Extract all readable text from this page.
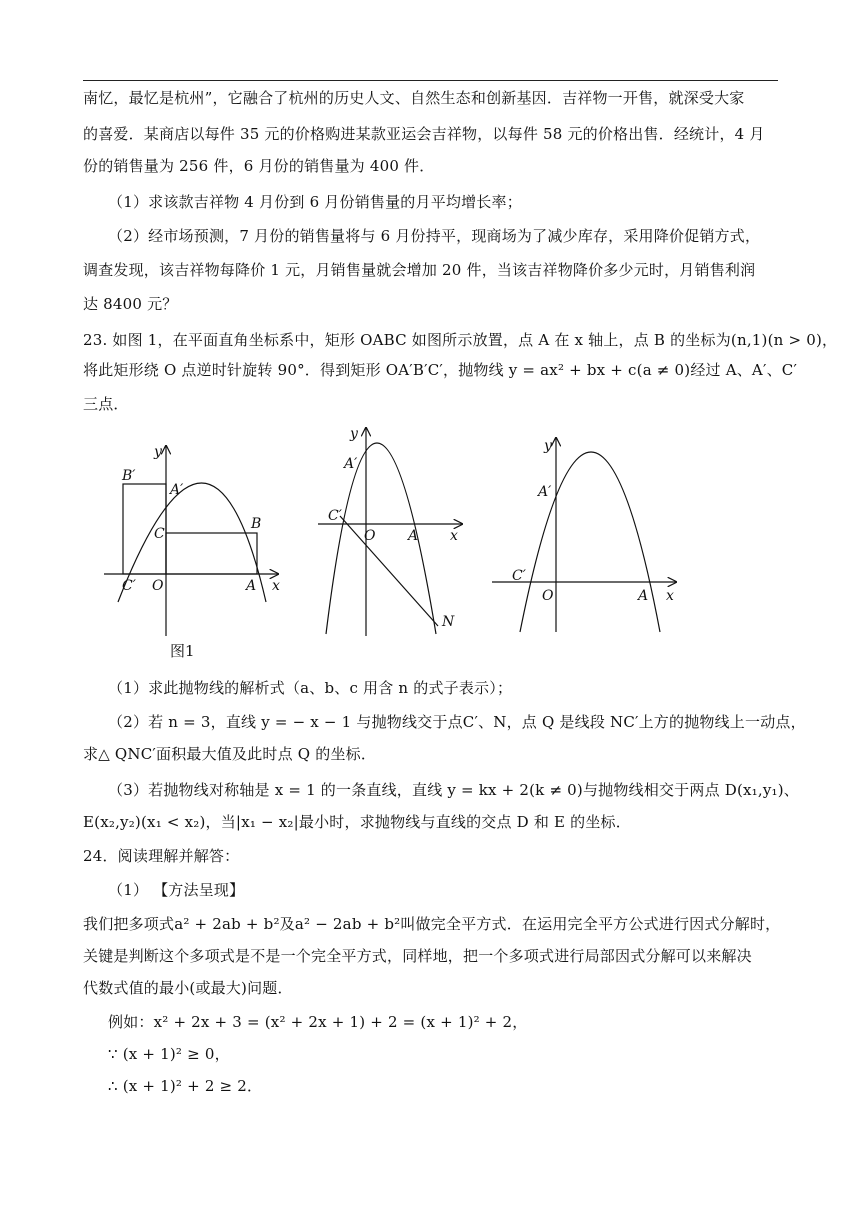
南忆，最忆是杭州”，它融合了杭州的历史人文、自然生态和创新基因．吉祥物一开售，就深受大家
的喜爱．某商店以每件 35 元的价格购进某款亚运会吉祥物，以每件 58 元的价格出售．经统计，4 月
份的销售量为 256 件，6 月份的销售量为 400 件．
（1）求该款吉祥物 4 月份到 6 月份销售量的月平均增长率；
（2）经市场预测，7 月份的销售量将与 6 月份持平，现商场为了减少库存，采用降价促销方式，
调查发现，该吉祥物每降价 1 元，月销售量就会增加 20 件，当该吉祥物降价多少元时，月销售利润
达 8400 元？
23. 如图 1，在平面直角坐标系中，矩形 OABC 如图所示放置，点 A 在 x 轴上，点 B 的坐标为(n,1)(n > 0)，
将此矩形绕 O 点逆时针旋转 90°．得到矩形 OA′B′C′，抛物线 y = ax² + bx + c(a ≠ 0)经过 A、A′、C′
三点．
y
x
B′
A′
C
B
C′ O	A
图1
y
x
A′
C′
O A
N
y
x
A′
C′
O	A
（1）求此抛物线的解析式（a、b、c 用含 n 的式子表示）；
（2）若 n = 3，直线 y = − x − 1 与抛物线交于点C′、N，点 Q 是线段 NC′上方的抛物线上一动点，
求△ QNC′面积最大值及此时点 Q 的坐标．
（3）若抛物线对称轴是 x = 1 的一条直线，直线 y = kx + 2(k ≠ 0)与抛物线相交于两点 D(x₁,y₁)、
E(x₂,y₂)(x₁ < x₂)，当|x₁ − x₂|最小时，求抛物线与直线的交点 D 和 E 的坐标．
24．阅读理解并解答：
（1） 【方法呈现】
我们把多项式a² + 2ab + b²及a² − 2ab + b²叫做完全平方式．在运用完全平方公式进行因式分解时，
关键是判断这个多项式是不是一个完全平方式，同样地，把一个多项式进行局部因式分解可以来解决
代数式值的最小(或最大)问题．
例如：x² + 2x + 3 = (x² + 2x + 1) + 2 = (x + 1)² + 2，
∵ (x + 1)² ≥ 0，
∴ (x + 1)² + 2 ≥ 2．
